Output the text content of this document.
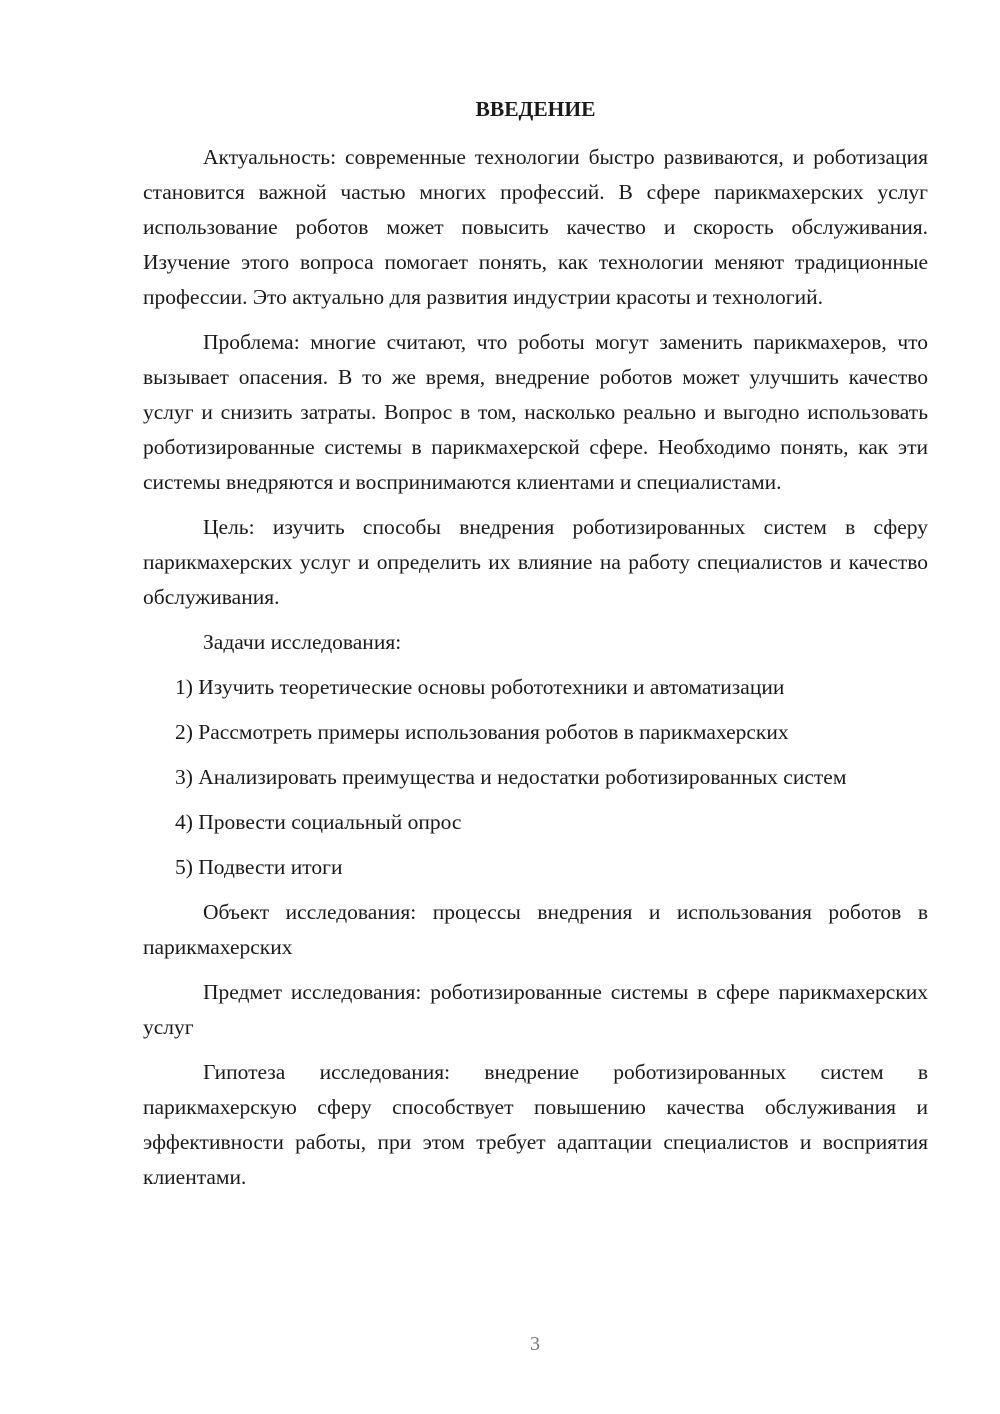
ВВЕДЕНИЕ

Актуальность: современные технологии быстро развиваются, и роботизация становится важной частью многих профессий. В сфере парикмахерских услуг использование роботов может повысить качество и скорость обслуживания. Изучение этого вопроса помогает понять, как технологии меняют традиционные профессии. Это актуально для развития индустрии красоты и технологий.

Проблема: многие считают, что роботы могут заменить парикмахеров, что вызывает опасения. В то же время, внедрение роботов может улучшить качество услуг и снизить затраты. Вопрос в том, насколько реально и выгодно использовать роботизированные системы в парикмахерской сфере. Необходимо понять, как эти системы внедряются и воспринимаются клиентами и специалистами.

Цель: изучить способы внедрения роботизированных систем в сферу парикмахерских услуг и определить их влияние на работу специалистов и качество обслуживания.

Задачи исследования:

1) Изучить теоретические основы робототехники и автоматизации

2) Рассмотреть примеры использования роботов в парикмахерских

3) Анализировать преимущества и недостатки роботизированных систем

4) Провести социальный опрос

5) Подвести итоги

Объект исследования: процессы внедрения и использования роботов в парикмахерских

Предмет исследования: роботизированные системы в сфере парикмахерских услуг

Гипотеза исследования: внедрение роботизированных систем в парикмахерскую сферу способствует повышению качества обслуживания и эффективности работы, при этом требует адаптации специалистов и восприятия клиентами.

3
